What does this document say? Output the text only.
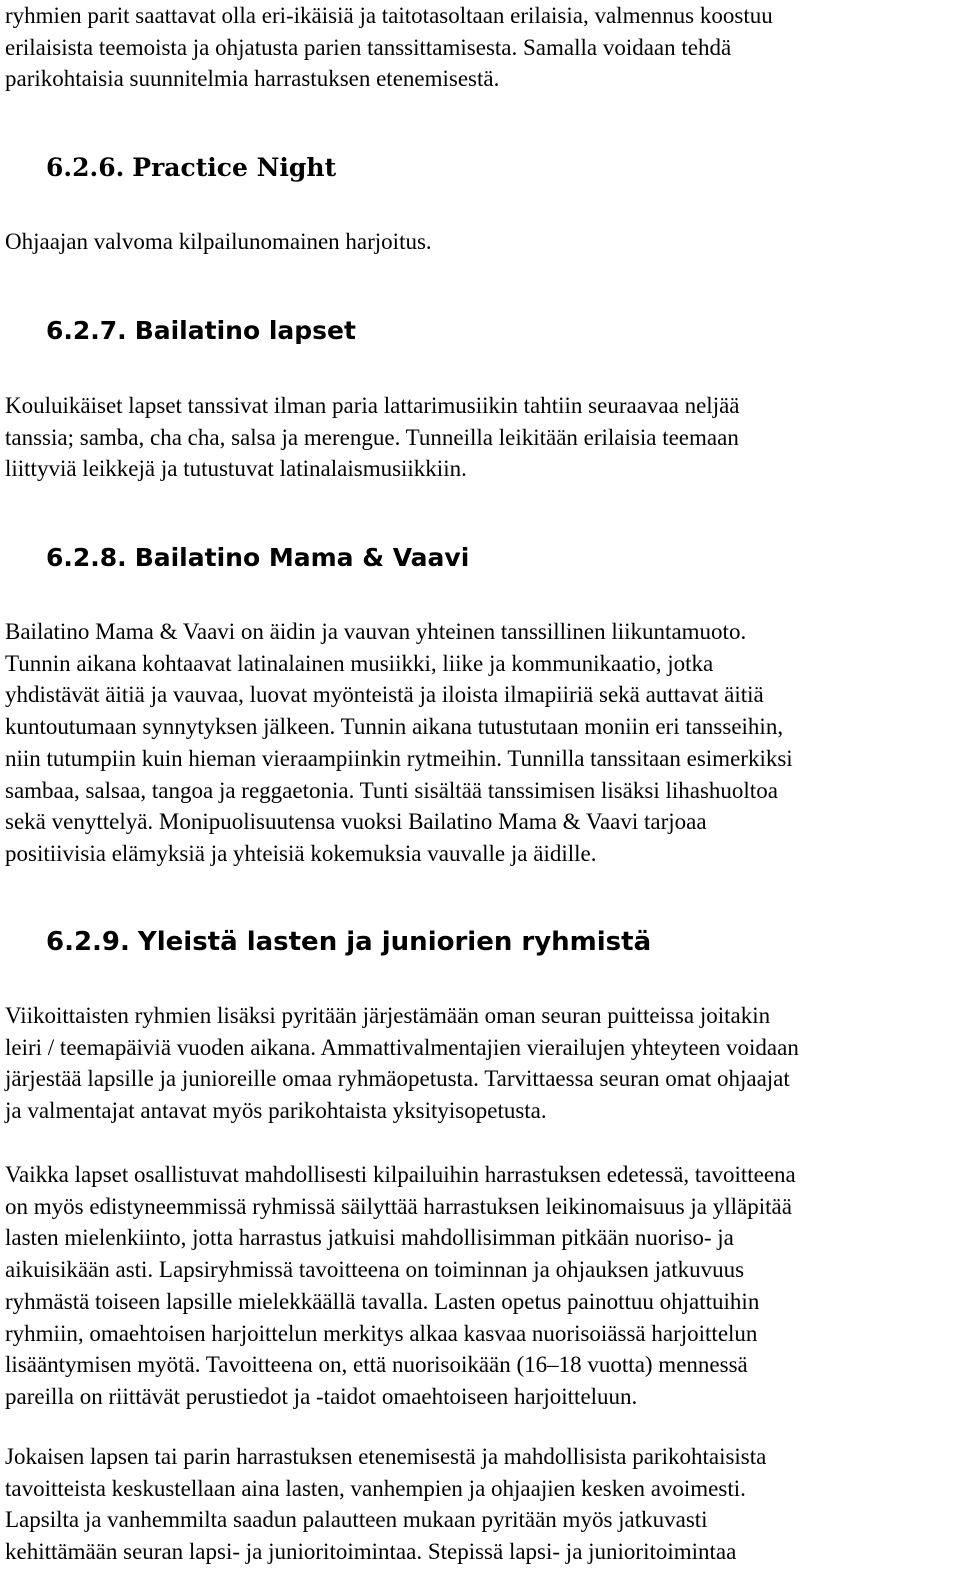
ryhmien parit saattavat olla eri-ikäisiä ja taitotasoltaan erilaisia, valmennus koostuu
erilaisista teemoista ja ohjatusta parien tanssittamisesta. Samalla voidaan tehdä
parikohtaisia suunnitelmia harrastuksen etenemisestä.

6.2.6. Practice Night

Ohjaajan valvoma kilpailunomainen harjoitus.

6.2.7. Bailatino lapset

Kouluikäiset lapset tanssivat ilman paria lattarimusiikin tahtiin seuraavaa neljää
tanssia; samba, cha cha, salsa ja merengue. Tunneilla leikitään erilaisia teemaan
liittyviä leikkejä ja tutustuvat latinalaismusiikkiin.

6.2.8. Bailatino Mama & Vaavi

Bailatino Mama & Vaavi on äidin ja vauvan yhteinen tanssillinen liikuntamuoto.
Tunnin aikana kohtaavat latinalainen musiikki, liike ja kommunikaatio, jotka
yhdistävät äitiä ja vauvaa, luovat myönteistä ja iloista ilmapiiriä sekä auttavat äitiä
kuntoutumaan synnytyksen jälkeen. Tunnin aikana tutustutaan moniin eri tansseihin,
niin tutumpiin kuin hieman vieraampiinkin rytmeihin. Tunnilla tanssitaan esimerkiksi
sambaa, salsaa, tangoa ja reggaetonia. Tunti sisältää tanssimisen lisäksi lihashuoltoa
sekä venyttelyä. Monipuolisuutensa vuoksi Bailatino Mama & Vaavi tarjoaa
positiivisia elämyksiä ja yhteisiä kokemuksia vauvalle ja äidille.

6.2.9. Yleistä lasten ja juniorien ryhmistä

Viikoittaisten ryhmien lisäksi pyritään järjestämään oman seuran puitteissa joitakin
leiri / teemapäiviä vuoden aikana. Ammattivalmentajien vierailujen yhteyteen voidaan
järjestää lapsille ja junioreille omaa ryhmäopetusta. Tarvittaessa seuran omat ohjaajat
ja valmentajat antavat myös parikohtaista yksityisopetusta.

Vaikka lapset osallistuvat mahdollisesti kilpailuihin harrastuksen edetessä, tavoitteena
on myös edistyneemmissä ryhmissä säilyttää harrastuksen leikinomaisuus ja ylläpitää
lasten mielenkiinto, jotta harrastus jatkuisi mahdollisimman pitkään nuoriso- ja
aikuisikään asti. Lapsiryhmissä tavoitteena on toiminnan ja ohjauksen jatkuvuus
ryhmästä toiseen lapsille mielekkäällä tavalla. Lasten opetus painottuu ohjattuihin
ryhmiin, omaehtoisen harjoittelun merkitys alkaa kasvaa nuorisoiässä harjoittelun
lisääntymisen myötä. Tavoitteena on, että nuorisoikään (16–18 vuotta) mennessä
pareilla on riittävät perustiedot ja -taidot omaehtoiseen harjoitteluun.

Jokaisen lapsen tai parin harrastuksen etenemisestä ja mahdollisista parikohtaisista
tavoitteista keskustellaan aina lasten, vanhempien ja ohjaajien kesken avoimesti.
Lapsilta ja vanhemmilta saadun palautteen mukaan pyritään myös jatkuvasti
kehittämään seuran lapsi- ja junioritoimintaa. Stepissä lapsi- ja junioritoimintaa
